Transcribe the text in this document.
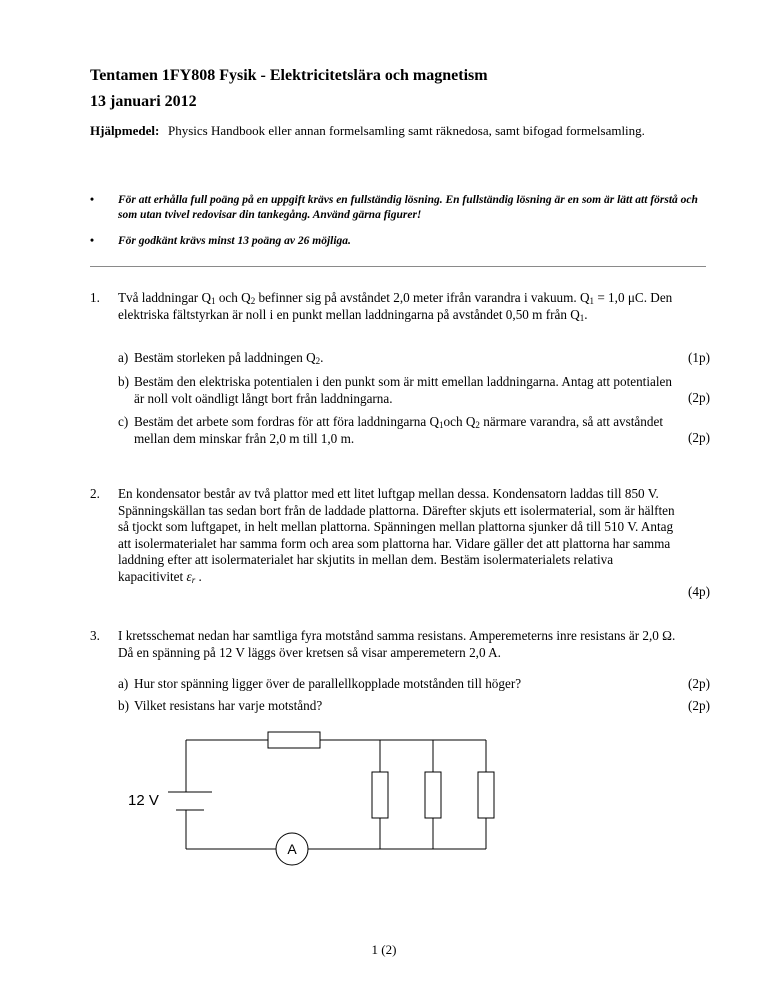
Tentamen 1FY808 Fysik - Elektricitetslära och magnetism
13 januari 2012
Hjälpmedel: Physics Handbook eller annan formelsamling samt räknedosa, samt bifogad formelsamling.
• För att erhålla full poäng på en uppgift krävs en fullständig lösning. En fullständig lösning är en som är lätt att förstå och som utan tvivel redovisar din tankegång. Använd gärna figurer!
• För godkänt krävs minst 13 poäng av 26 möjliga.
1. Två laddningar $Q_1$ och $Q_2$ befinner sig på avståndet 2,0 meter ifrån varandra i vakuum. $Q_1 = 1,0$ μC. Den elektriska fältstyrkan är noll i en punkt mellan laddningarna på avståndet 0,50 m från $Q_1$.
a) Bestäm storleken på laddningen $Q_2$.	(1p)
b) Bestäm den elektriska potentialen i den punkt som är mitt emellan laddningarna. Antag att potentialen är noll volt oändligt långt bort från laddningarna.	(2p)
c) Bestäm det arbete som fordras för att föra laddningarna $Q_1och$ $Q_2$ närmare varandra, så att avståndet mellan dem minskar från 2,0 m till 1,0 m.	(2p)
2. En kondensator består av två plattor med ett litet luftgap mellan dessa. Kondensatorn laddas till 850 V. Spänningskällan tas sedan bort från de laddade plattorna. Därefter skjuts ett isolermaterial, som är hälften så tjockt som luftgapet, in helt mellan plattorna. Spänningen mellan plattorna sjunker då till 510 V. Antag att isolermaterialet har samma form och area som plattorna har. Vidare gäller det att plattorna har samma laddning efter att isolermaterialet har skjutits in mellan dem. Bestäm isolermaterialets relativa kapacitivitet $\varepsilon_r$ .
(4p)
3. I kretsschemat nedan har samtliga fyra motstånd samma resistans. Amperemeterns inre resistans är 2,0 Ω. Då en spänning på 12 V läggs över kretsen så visar amperemetern 2,0 A.
a) Hur stor spänning ligger över de parallellkopplade motstånden till höger?	(2p)
b) Vilket resistans har varje motstånd?	(2p)
12 V
A
1 (2)
